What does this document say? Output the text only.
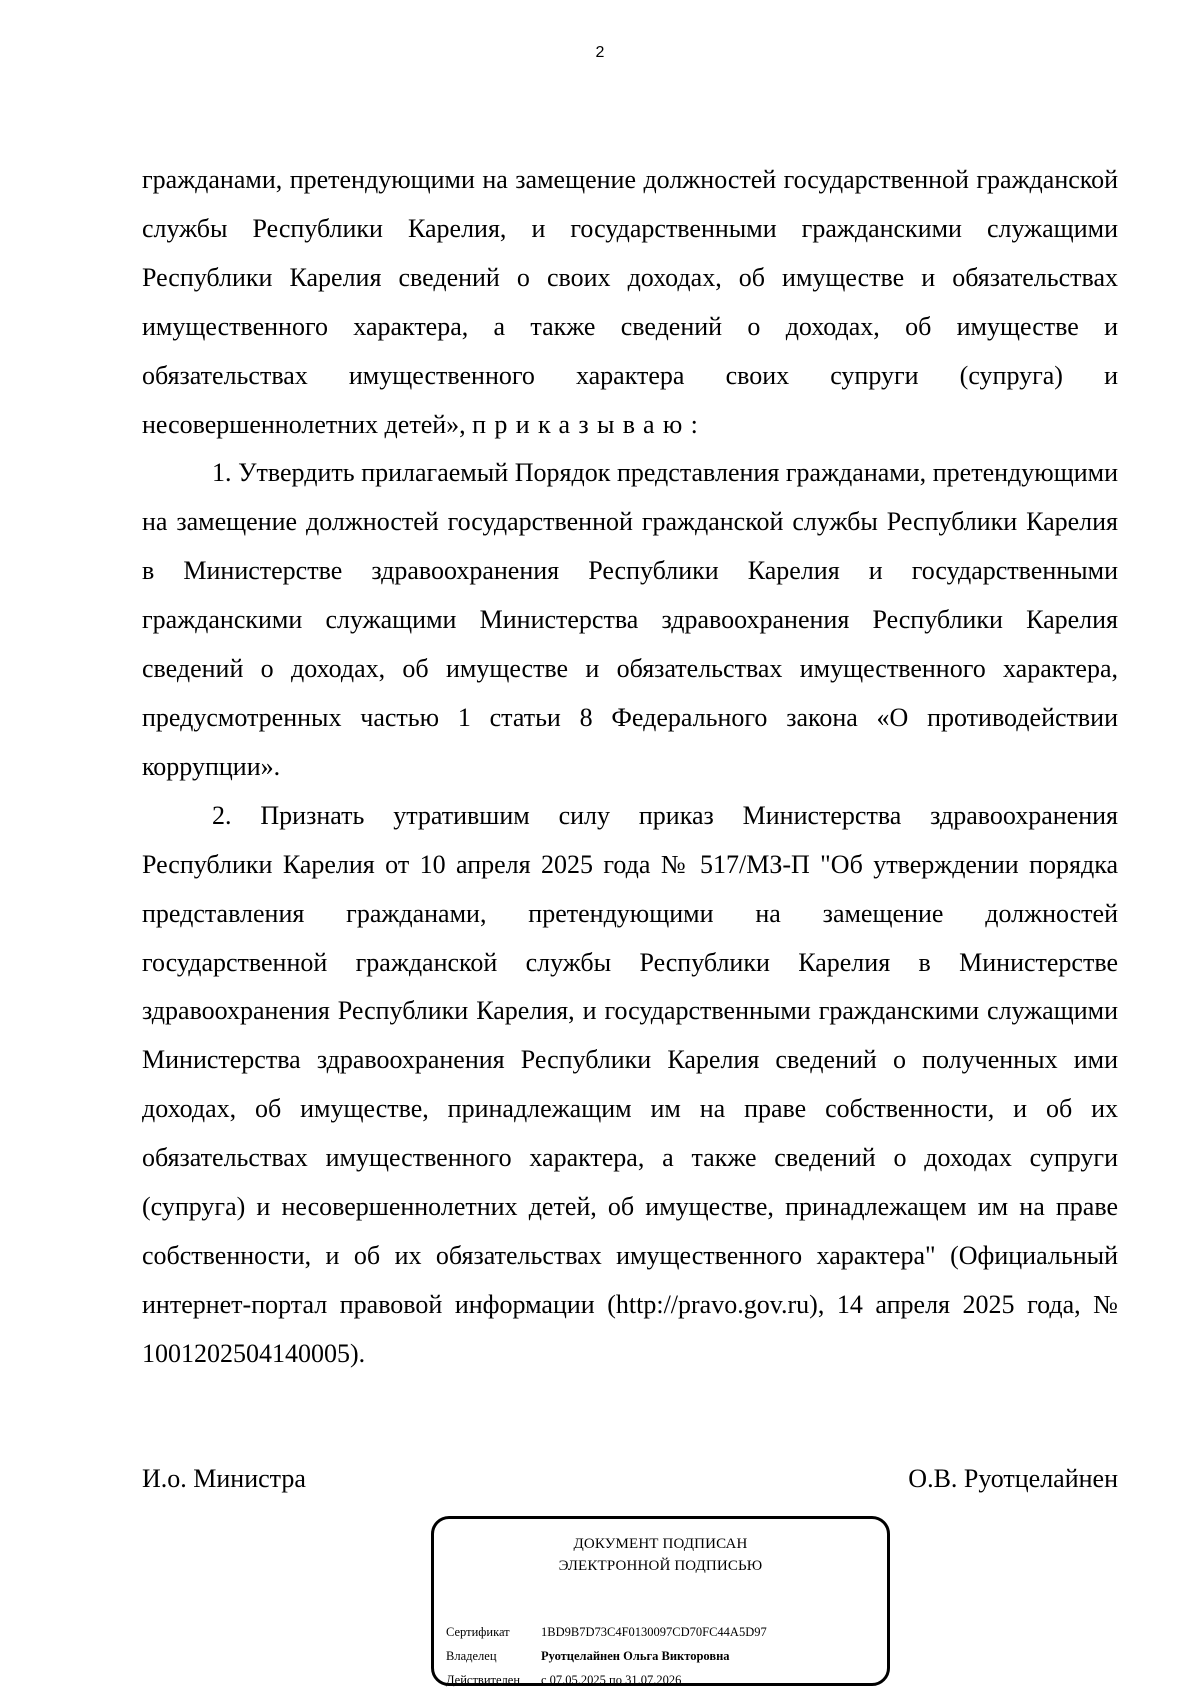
2

гражданами, претендующими на замещение должностей государственной гражданской службы Республики Карелия, и государственными гражданскими служащими Республики Карелия сведений о своих доходах, об имуществе и обязательствах имущественного характера, а также сведений о доходах, об имуществе и обязательствах имущественного характера своих супруги (супруга) и несовершеннолетних детей», приказываю:

1. Утвердить прилагаемый Порядок представления гражданами, претендующими на замещение должностей государственной гражданской службы Республики Карелия в Министерстве здравоохранения Республики Карелия и государственными гражданскими служащими Министерства здравоохранения Республики Карелия сведений о доходах, об имуществе и обязательствах имущественного характера, предусмотренных частью 1 статьи 8 Федерального закона «О противодействии коррупции».

2. Признать утратившим силу приказ Министерства здравоохранения Республики Карелия от 10 апреля 2025 года № 517/МЗ-П "Об утверждении порядка представления гражданами, претендующими на замещение должностей государственной гражданской службы Республики Карелия в Министерстве здравоохранения Республики Карелия, и государственными гражданскими служащими Министерства здравоохранения Республики Карелия сведений о полученных ими доходах, об имуществе, принадлежащим им на праве собственности, и об их обязательствах имущественного характера, а также сведений о доходах супруги (супруга) и несовершеннолетних детей, об имуществе, принадлежащем им на праве собственности, и об их обязательствах имущественного характера" (Официальный интернет-портал правовой информации (http://pravo.gov.ru), 14 апреля 2025 года, № 1001202504140005).

И.о. Министра	О.В. Руотцелайнен
ДОКУМЕНТ ПОДПИСАН
ЭЛЕКТРОННОЙ ПОДПИСЬЮ
Сертификат	1BD9B7D73C4F0130097CD70FC44A5D97
Владелец	Руотцелайнен Ольга Викторовна
Действителен с 07.05.2025 по 31.07.2026
